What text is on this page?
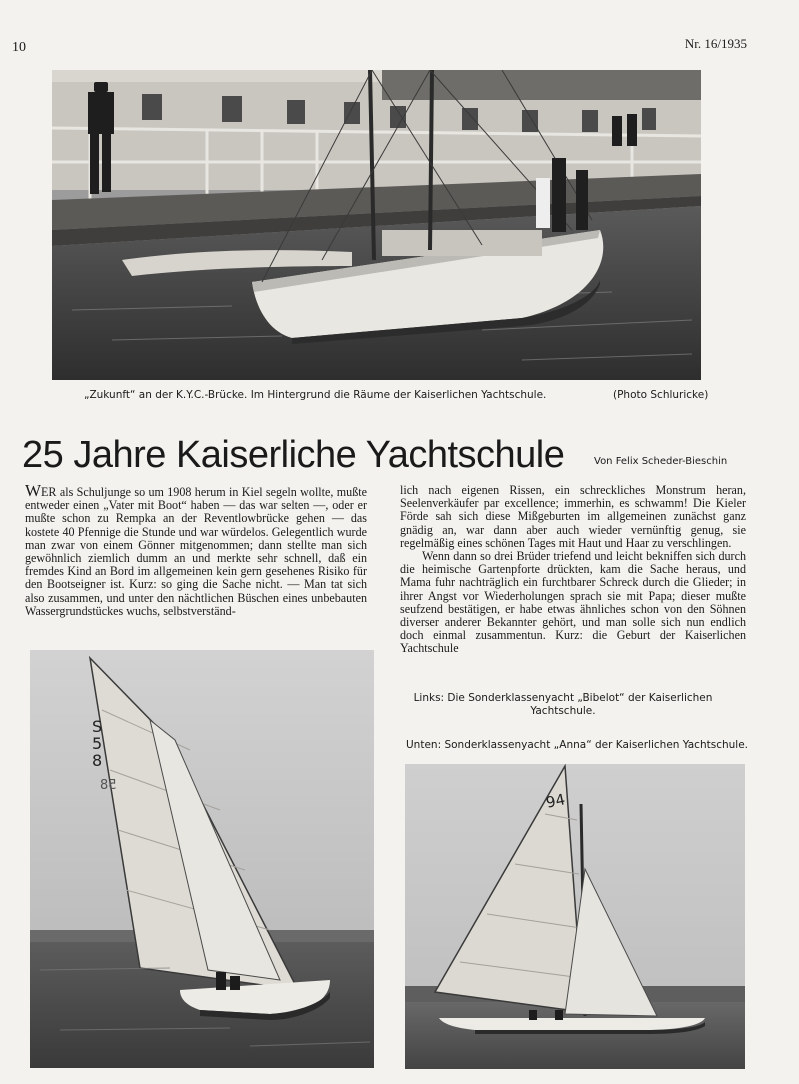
10	Nr. 16/1935
„Zukunft“ an der K.Y.C.-Brücke. Im Hintergrund die Räume der Kaiserlichen Yachtschule.	(Photo Schluricke)
25 Jahre Kaiserliche Yachtschule	Von Felix Scheder-Bieschin

WER als Schuljunge so um 1908 herum in Kiel segeln wollte, mußte entweder einen „Vater mit Boot“ haben — das war selten —, oder er mußte schon zu Rempka an der Reventlowbrücke gehen — das kostete 40 Pfennige die Stunde und war würdelos. Gelegentlich wurde man zwar von einem Gönner mitgenommen; dann stellte man sich gewöhnlich ziemlich dumm an und merkte sehr schnell, daß ein fremdes Kind an Bord im allgemeinen kein gern gesehenes Risiko für den Bootseigner ist. Kurz: so ging die Sache nicht. — Man tat sich also zusammen, und unter den nächtlichen Büschen eines unbebauten Wassergrundstückes wuchs, selbstverständ-

lich nach eigenen Rissen, ein schreckliches Monstrum heran, Seelenverkäufer par excellence; immerhin, es schwamm! Die Kieler Förde sah sich diese Mißgeburten im allgemeinen zunächst ganz gnädig an, war dann aber auch wieder vernünftig genug, sie regelmäßig eines schönen Tages mit Haut und Haar zu verschlingen.

Wenn dann so drei Brüder triefend und leicht bekniffen sich durch die heimische Gartenpforte drückten, kam die Sache heraus, und Mama fuhr nachträglich ein furchtbarer Schreck durch die Glieder; in ihrer Angst vor Wiederholungen sprach sie mit Papa; dieser mußte seufzend bestätigen, er habe etwas ähnliches schon von den Söhnen diverser anderer Bekannter gehört, und man solle sich nun endlich doch einmal zusammentun. Kurz: die Geburt der Kaiserlichen Yachtschule

S 58
58
Links: Die Sonderklassenyacht „Bibelot“ der Kaiserlichen Yachtschule.
Unten: Sonderklassenyacht „Anna“ der Kaiserlichen Yachtschule.
94
